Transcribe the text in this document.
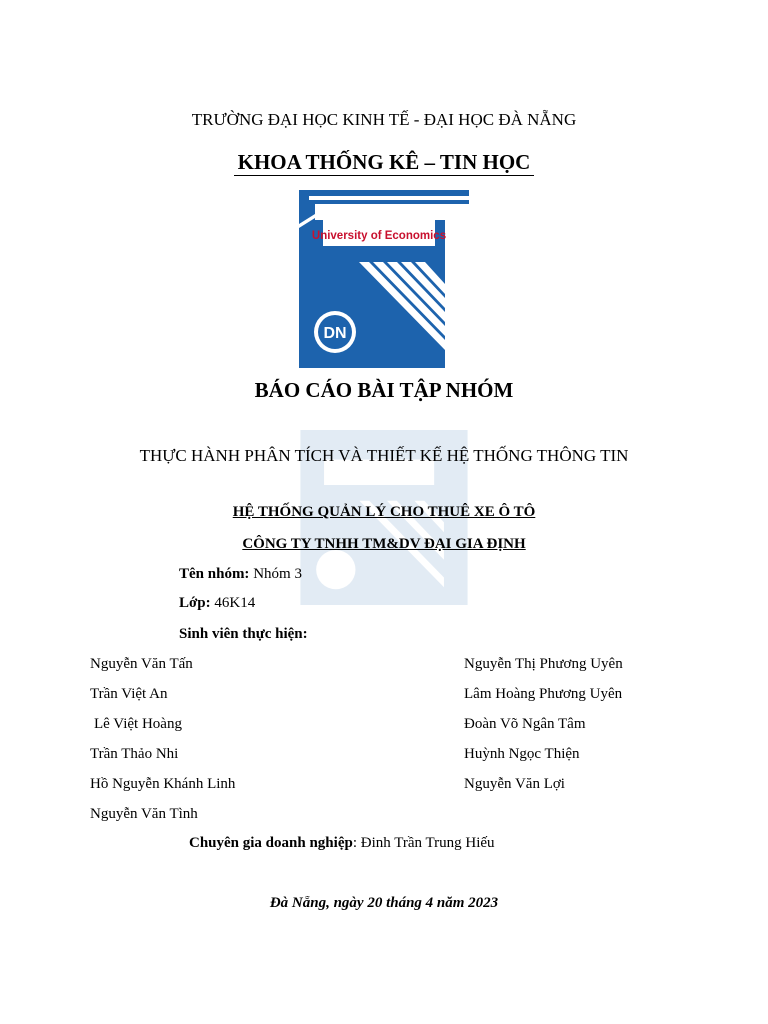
TRƯỜNG ĐẠI HỌC KINH TẾ - ĐẠI HỌC ĐÀ NẴNG
KHOA THỐNG KÊ – TIN HỌC
University of Economics
DN
BÁO CÁO BÀI TẬP NHÓM
THỰC HÀNH PHÂN TÍCH VÀ THIẾT KẾ HỆ THỐNG THÔNG TIN
HỆ THỐNG QUẢN LÝ CHO THUÊ XE Ô TÔ
CÔNG TY TNHH TM&DV ĐẠI GIA ĐỊNH
Tên nhóm: Nhóm 3
Lớp: 46K14
Sinh viên thực hiện:
Nguyễn Văn Tấn
Trần Việt An
Lê Việt Hoàng
Trần Thảo Nhi
Hồ Nguyễn Khánh Linh
Nguyễn Văn Tình
Nguyễn Thị Phương Uyên
Lâm Hoàng Phương Uyên
Đoàn Võ Ngân Tâm
Huỳnh Ngọc Thiện
Nguyễn Văn Lợi
Chuyên gia doanh nghiệp: Đinh Trần Trung Hiếu
Đà Nẵng, ngày 20 tháng 4 năm 2023
